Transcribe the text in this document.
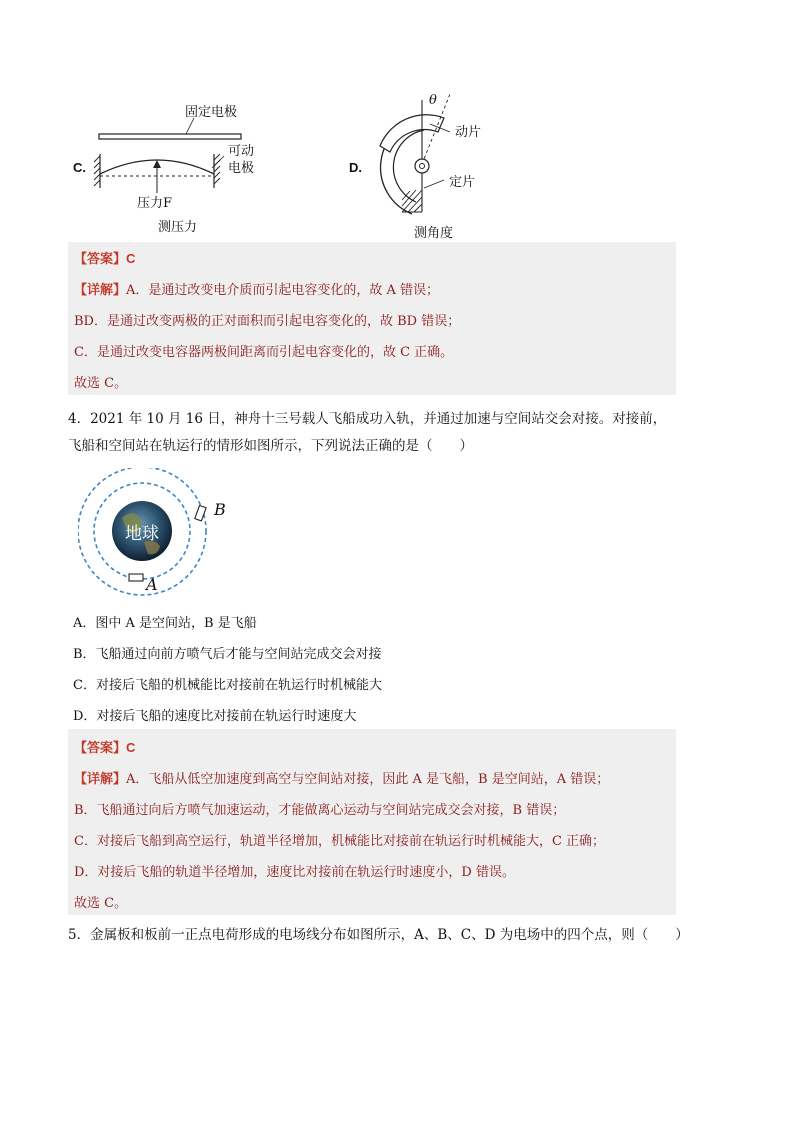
C.
固定电极
可动
电极
压力F
测压力
D.
θ
动片
定片
测角度
【答案】C
【详解】A．是通过改变电介质而引起电容变化的，故 A 错误；
BD．是通过改变两极的正对面积而引起电容变化的，故 BD 错误；
C．是通过改变电容器两极间距离而引起电容变化的，故 C 正确。
故选 C。
4．2021 年 10 月 16 日，神舟十三号载人飞船成功入轨，并通过加速与空间站交会对接。对接前，
飞船和空间站在轨运行的情形如图所示，下列说法正确的是（　　）
地球
B
A
A．图中 A 是空间站，B 是飞船
B．飞船通过向前方喷气后才能与空间站完成交会对接
C．对接后飞船的机械能比对接前在轨运行时机械能大
D．对接后飞船的速度比对接前在轨运行时速度大
【答案】C
【详解】A．飞船从低空加速度到高空与空间站对接，因此 A 是飞船，B 是空间站，A 错误；
B．飞船通过向后方喷气加速运动，才能做离心运动与空间站完成交会对接，B 错误；
C．对接后飞船到高空运行，轨道半径增加，机械能比对接前在轨运行时机械能大，C 正确；
D．对接后飞船的轨道半径增加，速度比对接前在轨运行时速度小，D 错误。
故选 C。
5．金属板和板前一正点电荷形成的电场线分布如图所示，A、B、C、D 为电场中的四个点，则（　　）
